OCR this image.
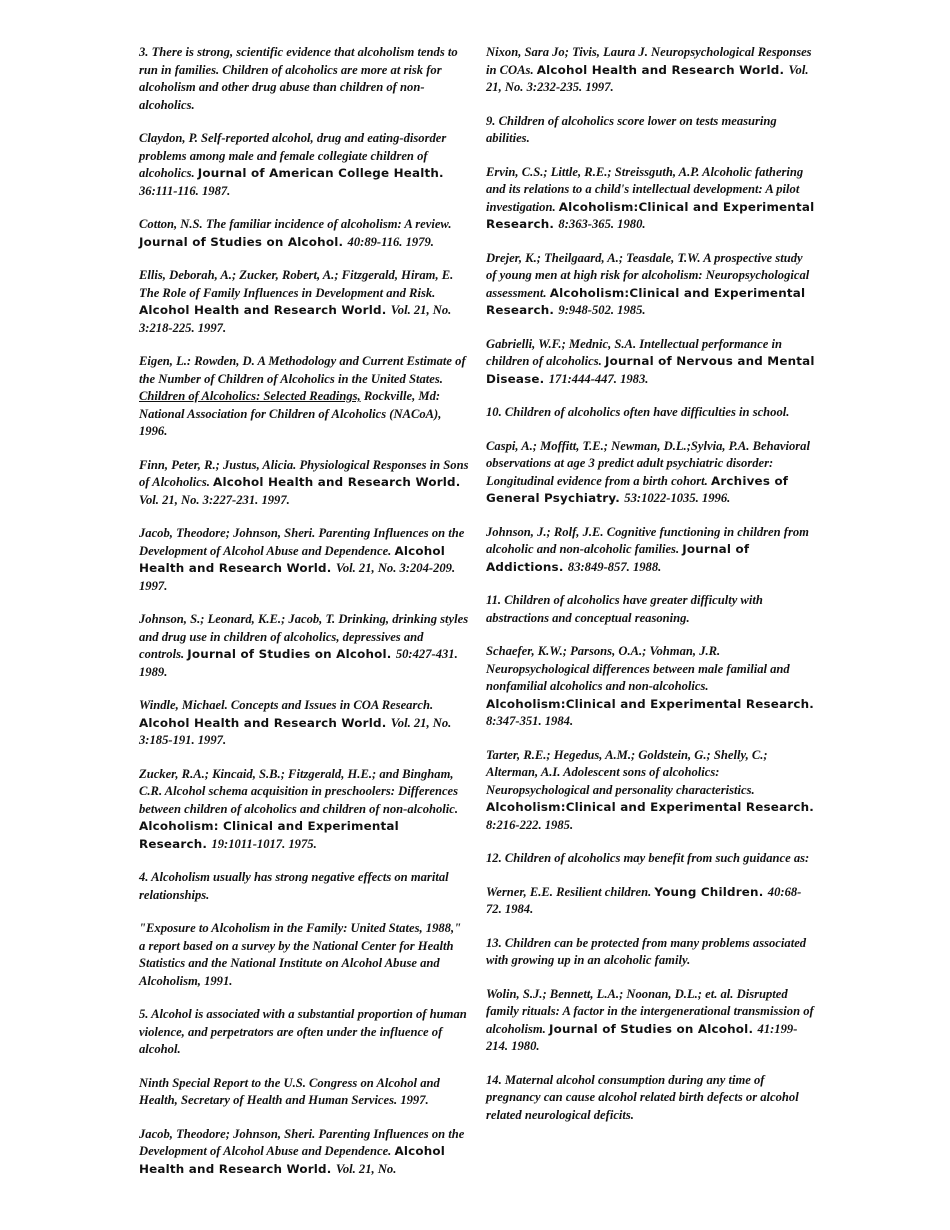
3. There is strong, scientific evidence that alcoholism tends to run in families. Children of alcoholics are more at risk for alcoholism and other drug abuse than children of non-alcoholics.

Claydon, P. Self-reported alcohol, drug and eating-disorder problems among male and female collegiate children of alcoholics. Journal of American College Health. 36:111-116. 1987.

Cotton, N.S. The familiar incidence of alcoholism: A review. Journal of Studies on Alcohol. 40:89-116. 1979.

Ellis, Deborah, A.; Zucker, Robert, A.; Fitzgerald, Hiram, E. The Role of Family Influences in Development and Risk. Alcohol Health and Research World. Vol. 21, No. 3:218-225. 1997.

Eigen, L.: Rowden, D. A Methodology and Current Estimate of the Number of Children of Alcoholics in the United States. Children of Alcoholics: Selected Readings, Rockville, Md: National Association for Children of Alcoholics (NACoA), 1996.

Finn, Peter, R.; Justus, Alicia. Physiological Responses in Sons of Alcoholics. Alcohol Health and Research World. Vol. 21, No. 3:227-231. 1997.

Jacob, Theodore; Johnson, Sheri. Parenting Influences on the Development of Alcohol Abuse and Dependence. Alcohol Health and Research World. Vol. 21, No. 3:204-209. 1997.

Johnson, S.; Leonard, K.E.; Jacob, T. Drinking, drinking styles and drug use in children of alcoholics, depressives and controls. Journal of Studies on Alcohol. 50:427-431. 1989.

Windle, Michael. Concepts and Issues in COA Research. Alcohol Health and Research World. Vol. 21, No. 3:185-191. 1997.

Zucker, R.A.; Kincaid, S.B.; Fitzgerald, H.E.; and Bingham, C.R. Alcohol schema acquisition in preschoolers: Differences between children of alcoholics and children of non-alcoholic. Alcoholism: Clinical and Experimental Research. 19:1011-1017. 1975.

4. Alcoholism usually has strong negative effects on marital relationships.

"Exposure to Alcoholism in the Family: United States, 1988," a report based on a survey by the National Center for Health Statistics and the National Institute on Alcohol Abuse and Alcoholism, 1991.

5. Alcohol is associated with a substantial proportion of human violence, and perpetrators are often under the influence of alcohol.

Ninth Special Report to the U.S. Congress on Alcohol and Health, Secretary of Health and Human Services. 1997.

Jacob, Theodore; Johnson, Sheri. Parenting Influences on the Development of Alcohol Abuse and Dependence. Alcohol Health and Research World. Vol. 21, No.

Nixon, Sara Jo; Tivis, Laura J. Neuropsychological Responses in COAs. Alcohol Health and Research World. Vol. 21, No. 3:232-235. 1997.

9. Children of alcoholics score lower on tests measuring abilities.

Ervin, C.S.; Little, R.E.; Streissguth, A.P. Alcoholic fathering and its relations to a child's intellectual development: A pilot investigation. Alcoholism:Clinical and Experimental Research. 8:363-365. 1980.

Drejer, K.; Theilgaard, A.; Teasdale, T.W. A prospective study of young men at high risk for alcoholism: Neuropsychological assessment. Alcoholism:Clinical and Experimental Research. 9:948-502. 1985.

Gabrielli, W.F.; Mednic, S.A. Intellectual performance in children of alcoholics. Journal of Nervous and Mental Disease. 171:444-447. 1983.

10. Children of alcoholics often have difficulties in school.

Caspi, A.; Moffitt, T.E.; Newman, D.L.;Sylvia, P.A. Behavioral observations at age 3 predict adult psychiatric disorder: Longitudinal evidence from a birth cohort. Archives of General Psychiatry. 53:1022-1035. 1996.

Johnson, J.; Rolf, J.E. Cognitive functioning in children from alcoholic and non-alcoholic families. Journal of Addictions. 83:849-857. 1988.

11. Children of alcoholics have greater difficulty with abstractions and conceptual reasoning.

Schaefer, K.W.; Parsons, O.A.; Vohman, J.R. Neuropsychological differences between male familial and nonfamilial alcoholics and non-alcoholics. Alcoholism:Clinical and Experimental Research. 8:347-351. 1984.

Tarter, R.E.; Hegedus, A.M.; Goldstein, G.; Shelly, C.; Alterman, A.I. Adolescent sons of alcoholics: Neuropsychological and personality characteristics. Alcoholism:Clinical and Experimental Research. 8:216-222. 1985.

12. Children of alcoholics may benefit from such guidance as:

Werner, E.E. Resilient children. Young Children. 40:68-72. 1984.

13. Children can be protected from many problems associated with growing up in an alcoholic family.

Wolin, S.J.; Bennett, L.A.; Noonan, D.L.; et. al. Disrupted family rituals: A factor in the intergenerational transmission of alcoholism. Journal of Studies on Alcohol. 41:199-214. 1980.

14. Maternal alcohol consumption during any time of pregnancy can cause alcohol related birth defects or alcohol related neurological deficits.
